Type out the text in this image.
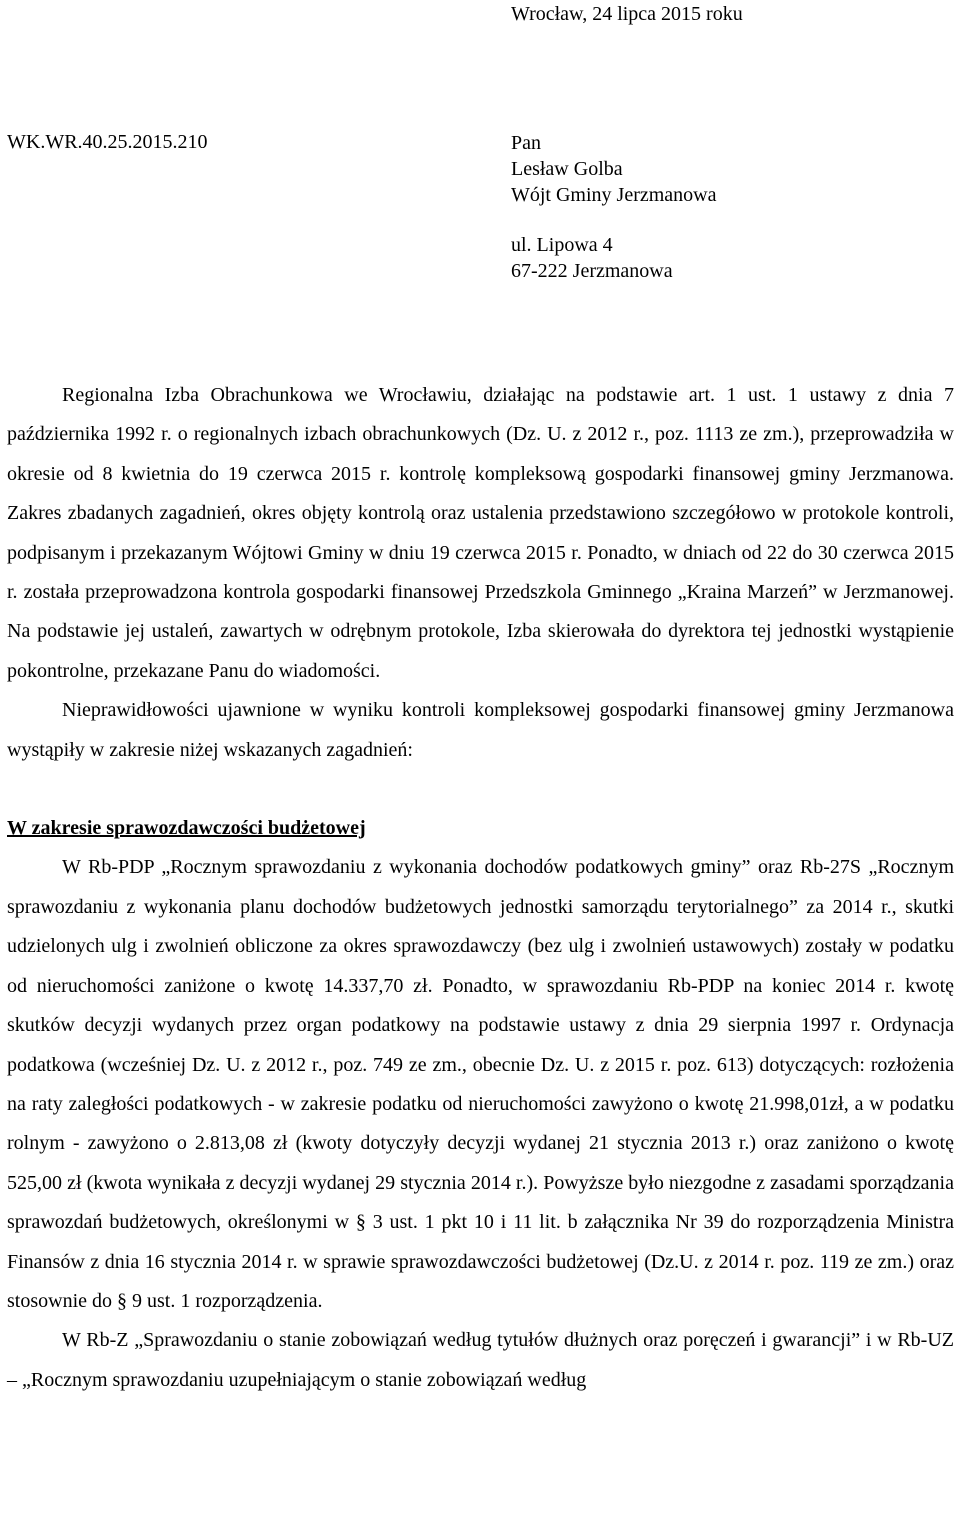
Wrocław, 24 lipca 2015 roku
WK.WR.40.25.2015.210	Pan
Lesław Golba
Wójt Gminy Jerzmanowa
ul. Lipowa 4
67-222 Jerzmanowa

Regionalna Izba Obrachunkowa we Wrocławiu, działając na podstawie art. 1 ust. 1 ustawy z dnia 7 października 1992 r. o regionalnych izbach obrachunkowych (Dz. U. z 2012 r., poz. 1113 ze zm.), przeprowadziła w okresie od 8 kwietnia do 19 czerwca 2015 r. kontrolę kompleksową gospodarki finansowej gminy Jerzmanowa. Zakres zbadanych zagadnień, okres objęty kontrolą oraz ustalenia przedstawiono szczegółowo w protokole kontroli, podpisanym i przekazanym Wójtowi Gminy w dniu 19 czerwca 2015 r. Ponadto, w dniach od 22 do 30 czerwca 2015 r. została przeprowadzona kontrola gospodarki finansowej Przedszkola Gminnego „Kraina Marzeń” w Jerzmanowej. Na podstawie jej ustaleń, zawartych w odrębnym protokole, Izba skierowała do dyrektora tej jednostki wystąpienie pokontrolne, przekazane Panu do wiadomości.

Nieprawidłowości ujawnione w wyniku kontroli kompleksowej gospodarki finansowej gminy Jerzmanowa wystąpiły w zakresie niżej wskazanych zagadnień:

W zakresie sprawozdawczości budżetowej

W Rb-PDP „Rocznym sprawozdaniu z wykonania dochodów podatkowych gminy” oraz Rb-27S „Rocznym sprawozdaniu z wykonania planu dochodów budżetowych jednostki samorządu terytorialnego” za 2014 r., skutki udzielonych ulg i zwolnień obliczone za okres sprawozdawczy (bez ulg i zwolnień ustawowych) zostały w podatku od nieruchomości zaniżone o kwotę 14.337,70 zł. Ponadto, w sprawozdaniu Rb-PDP na koniec 2014 r. kwotę skutków decyzji wydanych przez organ podatkowy na podstawie ustawy z dnia 29 sierpnia 1997 r. Ordynacja podatkowa (wcześniej Dz. U. z 2012 r., poz. 749 ze zm., obecnie Dz. U. z 2015 r. poz. 613) dotyczących: rozłożenia na raty zaległości podatkowych - w zakresie podatku od nieruchomości zawyżono o kwotę 21.998,01zł, a w podatku rolnym - zawyżono o 2.813,08 zł (kwoty dotyczyły decyzji wydanej 21 stycznia 2013 r.) oraz zaniżono o kwotę 525,00 zł (kwota wynikała z decyzji wydanej 29 stycznia 2014 r.). Powyższe było niezgodne z zasadami sporządzania sprawozdań budżetowych, określonymi w § 3 ust. 1 pkt 10 i 11 lit. b załącznika Nr 39 do rozporządzenia Ministra Finansów z dnia 16 stycznia 2014 r. w sprawie sprawozdawczości budżetowej (Dz.U. z 2014 r. poz. 119 ze zm.) oraz stosownie do § 9 ust. 1 rozporządzenia.

W Rb-Z „Sprawozdaniu o stanie zobowiązań według tytułów dłużnych oraz poręczeń i gwarancji” i w Rb-UZ – „Rocznym sprawozdaniu uzupełniającym o stanie zobowiązań według
